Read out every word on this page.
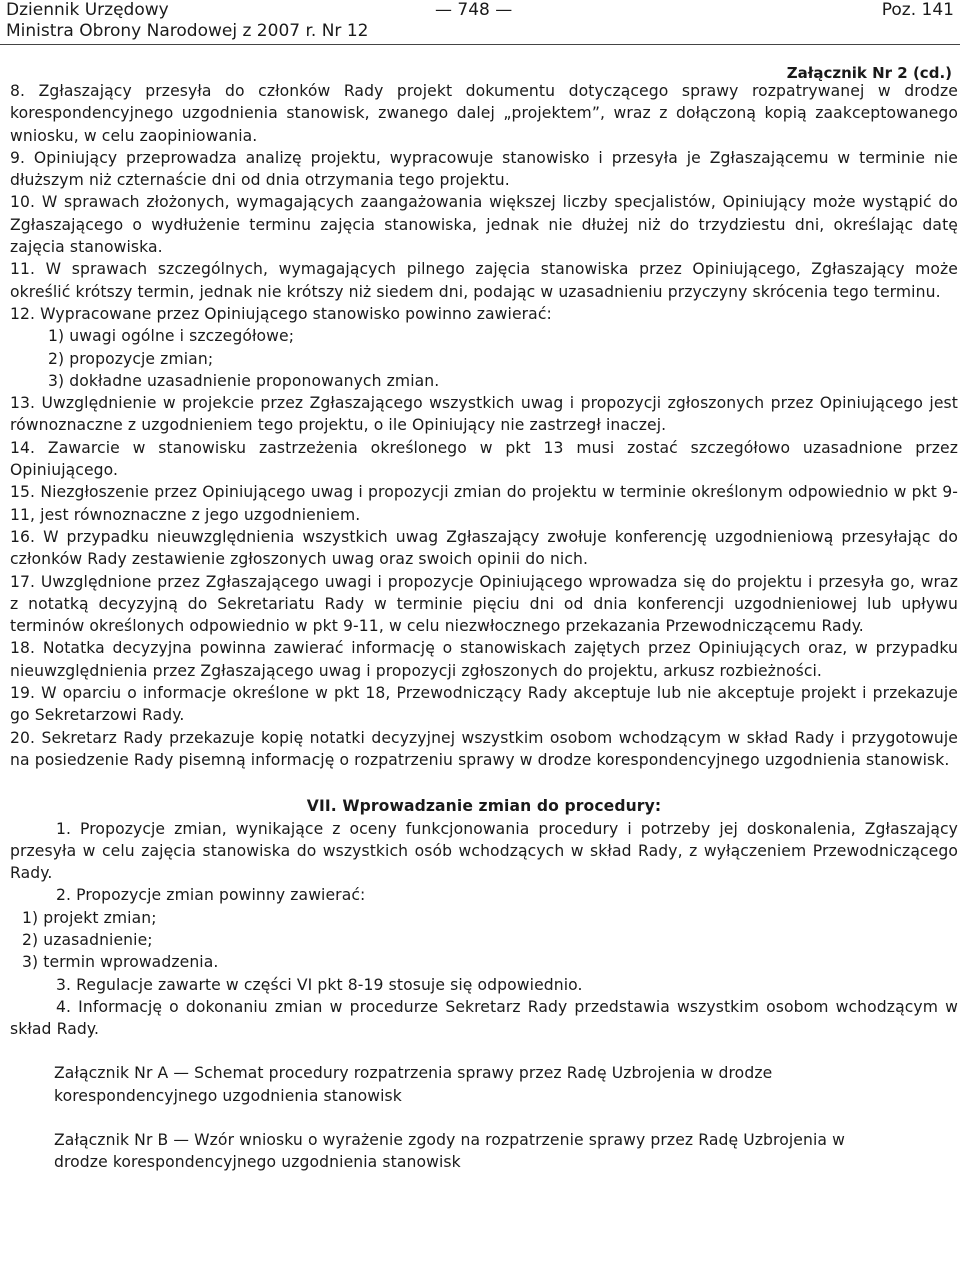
Dziennik Urzędowy	— 748 —	Poz. 141
Ministra Obrony Narodowej z 2007 r. Nr 12
Załącznik Nr 2 (cd.)
8. Zgłaszający przesyła do członków Rady projekt dokumentu dotyczącego sprawy rozpatrywanej w drodze korespondencyjnego uzgodnienia stanowisk, zwanego dalej „projektem”, wraz z dołączoną kopią zaakceptowanego wniosku, w celu zaopiniowania.
9. Opiniujący przeprowadza analizę projektu, wypracowuje stanowisko i przesyła je Zgłaszającemu w terminie nie dłuższym niż czternaście dni od dnia otrzymania tego projektu.
10. W sprawach złożonych, wymagających zaangażowania większej liczby specjalistów, Opiniujący może wystąpić do Zgłaszającego o wydłużenie terminu zajęcia stanowiska, jednak nie dłużej niż do trzydziestu dni, określając datę zajęcia stanowiska.
11. W sprawach szczególnych, wymagających pilnego zajęcia stanowiska przez Opiniującego, Zgłaszający może określić krótszy termin, jednak nie krótszy niż siedem dni, podając w uzasadnieniu przyczyny skrócenia tego terminu.
12. Wypracowane przez Opiniującego stanowisko powinno zawierać:
1) uwagi ogólne i szczegółowe;
2) propozycje zmian;
3) dokładne uzasadnienie proponowanych zmian.
13. Uwzględnienie w projekcie przez Zgłaszającego wszystkich uwag i propozycji zgłoszonych przez Opiniującego jest równoznaczne z uzgodnieniem tego projektu, o ile Opiniujący nie zastrzegł inaczej.
14. Zawarcie w stanowisku zastrzeżenia określonego w pkt 13 musi zostać szczegółowo uzasadnione przez Opiniującego.
15. Niezgłoszenie przez Opiniującego uwag i propozycji zmian do projektu w terminie określonym odpowiednio w pkt 9-11, jest równoznaczne z jego uzgodnieniem.
16. W przypadku nieuwzględnienia wszystkich uwag Zgłaszający zwołuje konferencję uzgodnieniową przesyłając do członków Rady zestawienie zgłoszonych uwag oraz swoich opinii do nich.
17. Uwzględnione przez Zgłaszającego uwagi i propozycje Opiniującego wprowadza się do projektu i przesyła go, wraz z notatką decyzyjną do Sekretariatu Rady w terminie pięciu dni od dnia konferencji uzgodnieniowej lub upływu terminów określonych odpowiednio w pkt 9-11, w celu niezwłocznego przekazania Przewodniczącemu Rady.
18. Notatka decyzyjna powinna zawierać informację o stanowiskach zajętych przez Opiniujących oraz, w przypadku nieuwzględnienia przez Zgłaszającego uwag i propozycji zgłoszonych do projektu, arkusz rozbieżności.
19. W oparciu o informacje określone w pkt 18, Przewodniczący Rady akceptuje lub nie akceptuje projekt i przekazuje go Sekretarzowi Rady.
20. Sekretarz Rady przekazuje kopię notatki decyzyjnej wszystkim osobom wchodzącym w skład Rady i przygotowuje na posiedzenie Rady pisemną informację o rozpatrzeniu sprawy w drodze korespondencyjnego uzgodnienia stanowisk.
VII. Wprowadzanie zmian do procedury:
1. Propozycje zmian, wynikające z oceny funkcjonowania procedury i potrzeby jej doskonalenia, Zgłaszający przesyła w celu zajęcia stanowiska do wszystkich osób wchodzących w skład Rady, z wyłączeniem Przewodniczącego Rady.
2. Propozycje zmian powinny zawierać:
1) projekt zmian;
2) uzasadnienie;
3) termin wprowadzenia.
3. Regulacje zawarte w części VI pkt 8-19 stosuje się odpowiednio.
4. Informację o dokonaniu zmian w procedurze Sekretarz Rady przedstawia wszystkim osobom wchodzącym w skład Rady.
Załącznik Nr A — Schemat procedury rozpatrzenia sprawy przez Radę Uzbrojenia w drodze korespondencyjnego uzgodnienia stanowisk
Załącznik Nr B — Wzór wniosku o wyrażenie zgody na rozpatrzenie sprawy przez Radę Uzbrojenia w drodze korespondencyjnego uzgodnienia stanowisk
